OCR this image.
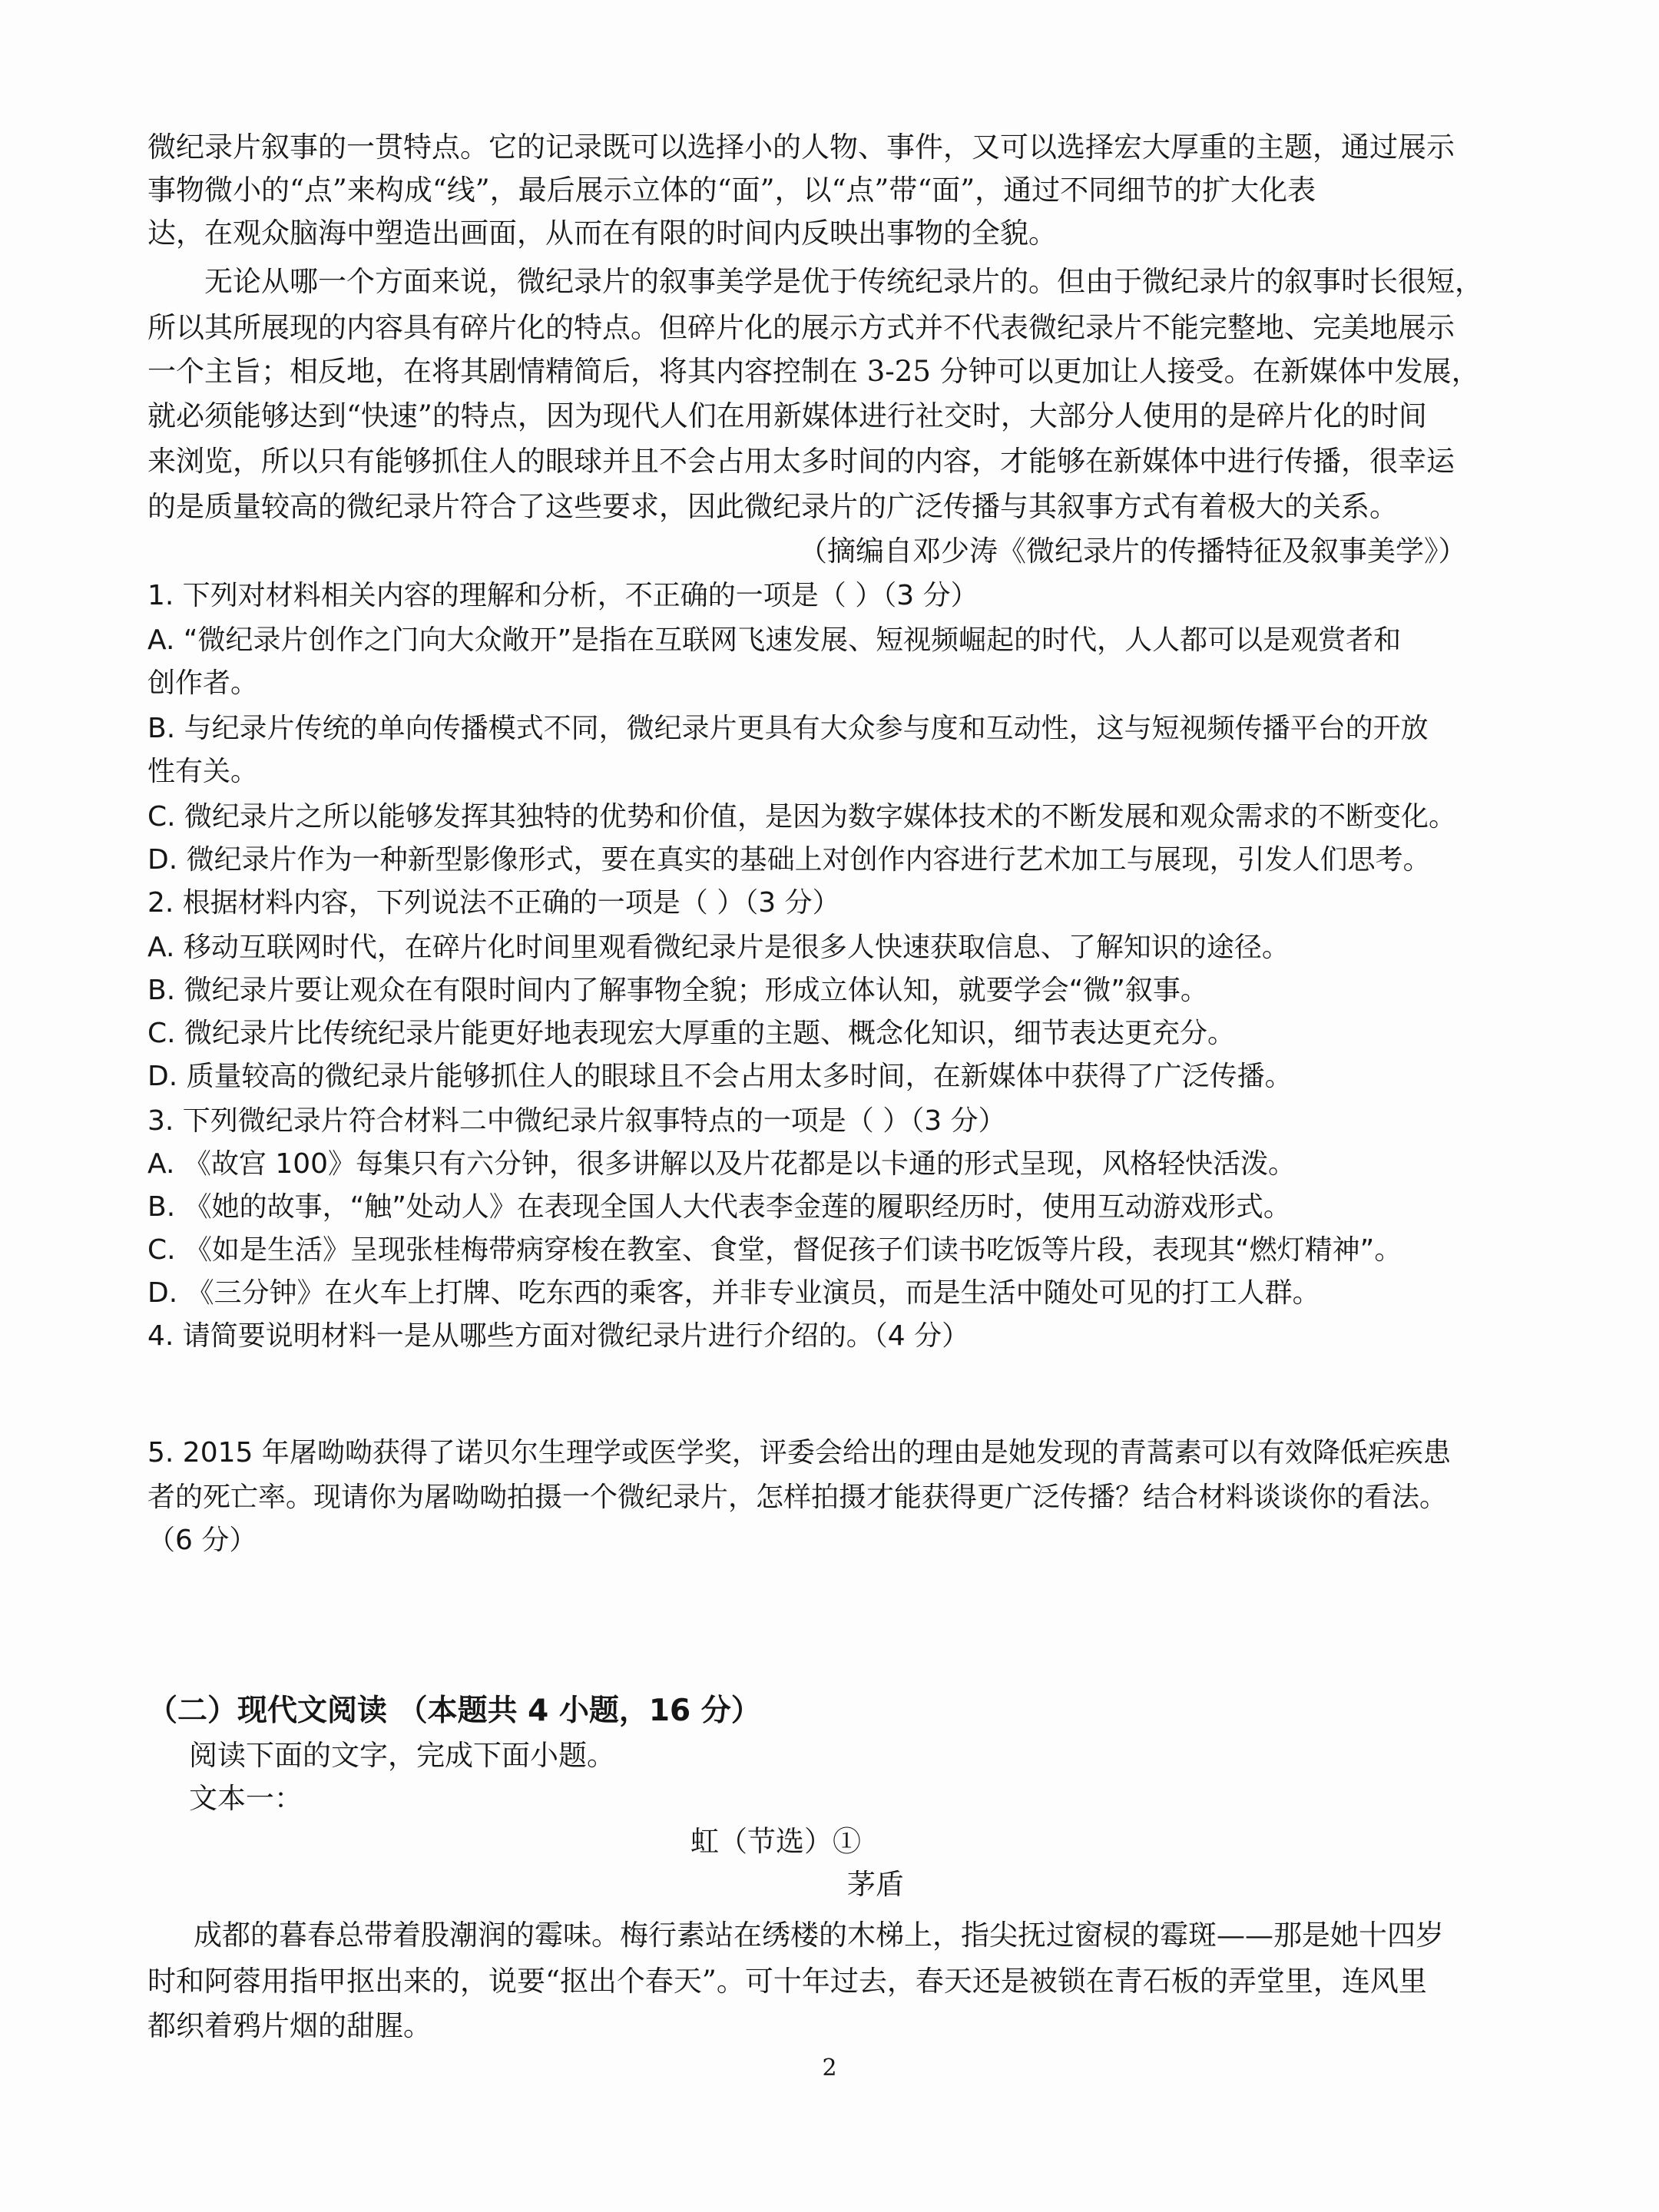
微纪录片叙事的一贯特点。它的记录既可以选择小的人物、事件，又可以选择宏大厚重的主题，通过展示
事物微小的“点”来构成“线”，最后展示立体的“面”，以“点”带“面”，通过不同细节的扩大化表
达，在观众脑海中塑造出画面，从而在有限的时间内反映出事物的全貌。
无论从哪一个方面来说，微纪录片的叙事美学是优于传统纪录片的。但由于微纪录片的叙事时长很短，
所以其所展现的内容具有碎片化的特点。但碎片化的展示方式并不代表微纪录片不能完整地、完美地展示
一个主旨；相反地，在将其剧情精简后，将其内容控制在 3-25 分钟可以更加让人接受。在新媒体中发展，
就必须能够达到“快速”的特点，因为现代人们在用新媒体进行社交时，大部分人使用的是碎片化的时间
来浏览，所以只有能够抓住人的眼球并且不会占用太多时间的内容，才能够在新媒体中进行传播，很幸运
的是质量较高的微纪录片符合了这些要求，因此微纪录片的广泛传播与其叙事方式有着极大的关系。
（摘编自邓少涛《微纪录片的传播特征及叙事美学》）
1. 下列对材料相关内容的理解和分析，不正确的一项是（ ）（3 分）
A. “微纪录片创作之门向大众敞开”是指在互联网飞速发展、短视频崛起的时代，人人都可以是观赏者和
创作者。
B. 与纪录片传统的单向传播模式不同，微纪录片更具有大众参与度和互动性，这与短视频传播平台的开放
性有关。
C. 微纪录片之所以能够发挥其独特的优势和价值，是因为数字媒体技术的不断发展和观众需求的不断变化。
D. 微纪录片作为一种新型影像形式，要在真实的基础上对创作内容进行艺术加工与展现，引发人们思考。
2. 根据材料内容，下列说法不正确的一项是（ ）（3 分）
A. 移动互联网时代，在碎片化时间里观看微纪录片是很多人快速获取信息、了解知识的途径。
B. 微纪录片要让观众在有限时间内了解事物全貌；形成立体认知，就要学会“微”叙事。
C. 微纪录片比传统纪录片能更好地表现宏大厚重的主题、概念化知识，细节表达更充分。
D. 质量较高的微纪录片能够抓住人的眼球且不会占用太多时间，在新媒体中获得了广泛传播。
3. 下列微纪录片符合材料二中微纪录片叙事特点的一项是（ ）（3 分）
A. 《故宫 100》每集只有六分钟，很多讲解以及片花都是以卡通的形式呈现，风格轻快活泼。
B. 《她的故事，“触”处动人》在表现全国人大代表李金莲的履职经历时，使用互动游戏形式。
C. 《如是生活》呈现张桂梅带病穿梭在教室、食堂，督促孩子们读书吃饭等片段，表现其“燃灯精神”。
D. 《三分钟》在火车上打牌、吃东西的乘客，并非专业演员，而是生活中随处可见的打工人群。
4. 请简要说明材料一是从哪些方面对微纪录片进行介绍的。（4 分）
5. 2015 年屠呦呦获得了诺贝尔生理学或医学奖，评委会给出的理由是她发现的青蒿素可以有效降低疟疾患
者的死亡率。现请你为屠呦呦拍摄一个微纪录片，怎样拍摄才能获得更广泛传播？结合材料谈谈你的看法。
（6 分）
（二）现代文阅读 （本题共 4 小题，16 分）
阅读下面的文字，完成下面小题。
文本一：
虹（节选）①
茅盾
成都的暮春总带着股潮润的霉味。梅行素站在绣楼的木梯上，指尖抚过窗棂的霉斑——那是她十四岁
时和阿蓉用指甲抠出来的，说要“抠出个春天”。可十年过去，春天还是被锁在青石板的弄堂里，连风里
都织着鸦片烟的甜腥。
2
